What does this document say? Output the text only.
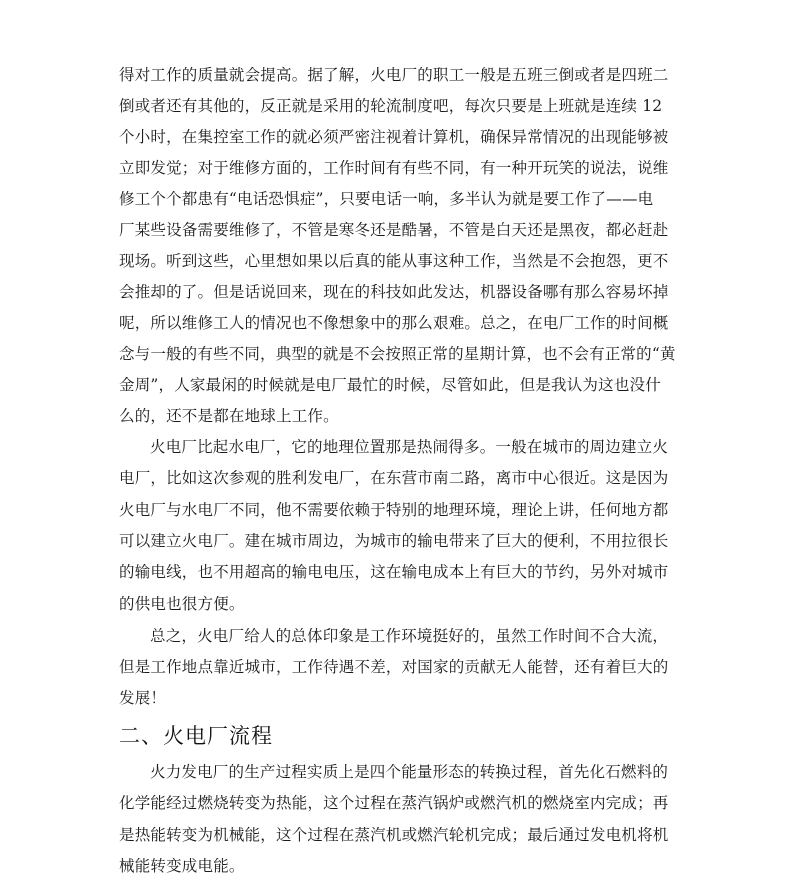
得对工作的质量就会提高。据了解，火电厂的职工一般是五班三倒或者是四班二
倒或者还有其他的，反正就是采用的轮流制度吧，每次只要是上班就是连续 12
个小时，在集控室工作的就必须严密注视着计算机，确保异常情况的出现能够被
立即发觉；对于维修方面的，工作时间有有些不同，有一种开玩笑的说法，说维
修工个个都患有“电话恐惧症”，只要电话一响，多半认为就是要工作了——电
厂某些设备需要维修了，不管是寒冬还是酷暑，不管是白天还是黑夜，都必赶赴
现场。听到这些，心里想如果以后真的能从事这种工作，当然是不会抱怨，更不
会推却的了。但是话说回来，现在的科技如此发达，机器设备哪有那么容易坏掉
呢，所以维修工人的情况也不像想象中的那么艰难。总之，在电厂工作的时间概
念与一般的有些不同，典型的就是不会按照正常的星期计算，也不会有正常的“黄
金周”，人家最闲的时候就是电厂最忙的时候，尽管如此，但是我认为这也没什
么的，还不是都在地球上工作。
火电厂比起水电厂，它的地理位置那是热闹得多。一般在城市的周边建立火
电厂，比如这次参观的胜利发电厂，在东营市南二路，离市中心很近。这是因为
火电厂与水电厂不同，他不需要依赖于特别的地理环境，理论上讲，任何地方都
可以建立火电厂。建在城市周边，为城市的输电带来了巨大的便利，不用拉很长
的输电线，也不用超高的输电电压，这在输电成本上有巨大的节约，另外对城市
的供电也很方便。
总之，火电厂给人的总体印象是工作环境挺好的，虽然工作时间不合大流，
但是工作地点靠近城市，工作待遇不差，对国家的贡献无人能替，还有着巨大的
发展！
二、火电厂流程
火力发电厂的生产过程实质上是四个能量形态的转换过程，首先化石燃料的
化学能经过燃烧转变为热能，这个过程在蒸汽锅炉或燃汽机的燃烧室内完成；再
是热能转变为机械能，这个过程在蒸汽机或燃汽轮机完成；最后通过发电机将机
械能转变成电能。
